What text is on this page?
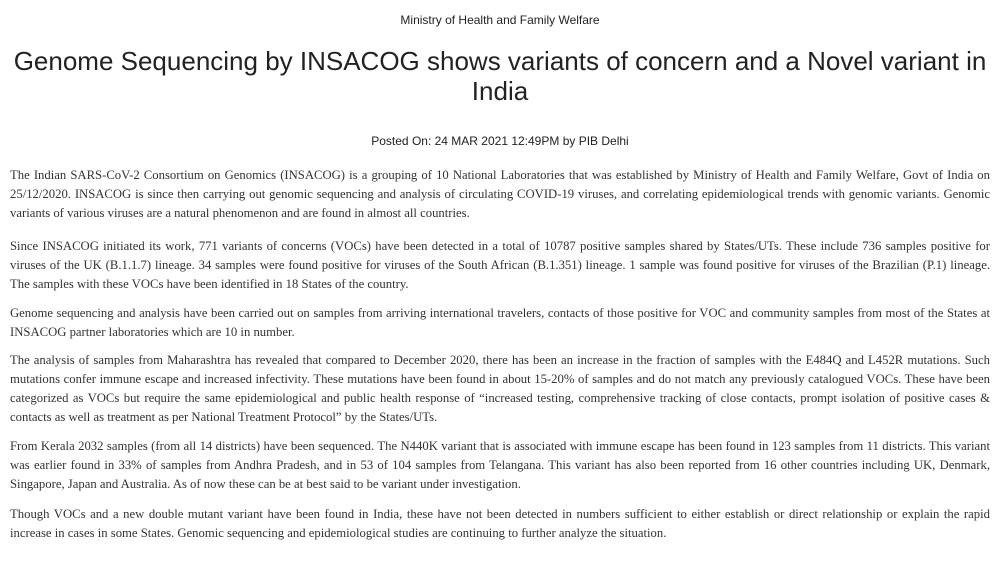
Ministry of Health and Family Welfare
Genome Sequencing by INSACOG shows variants of concern and a Novel variant in India
Posted On: 24 MAR 2021 12:49PM by PIB Delhi

The Indian SARS-CoV-2 Consortium on Genomics (INSACOG) is a grouping of 10 National Laboratories that was established by Ministry of Health and Family Welfare, Govt of India on 25/12/2020. INSACOG is since then carrying out genomic sequencing and analysis of circulating COVID-19 viruses, and correlating epidemiological trends with genomic variants. Genomic variants of various viruses are a natural phenomenon and are found in almost all countries.

Since INSACOG initiated its work, 771 variants of concerns (VOCs) have been detected in a total of 10787 positive samples shared by States/UTs. These include 736 samples positive for viruses of the UK (B.1.1.7) lineage. 34 samples were found positive for viruses of the South African (B.1.351) lineage. 1 sample was found positive for viruses of the Brazilian (P.1) lineage. The samples with these VOCs have been identified in 18 States of the country.

Genome sequencing and analysis have been carried out on samples from arriving international travelers, contacts of those positive for VOC and community samples from most of the States at INSACOG partner laboratories which are 10 in number.

The analysis of samples from Maharashtra has revealed that compared to December 2020, there has been an increase in the fraction of samples with the E484Q and L452R mutations. Such mutations confer immune escape and increased infectivity. These mutations have been found in about 15-20% of samples and do not match any previously catalogued VOCs. These have been categorized as VOCs but require the same epidemiological and public health response of “increased testing, comprehensive tracking of close contacts, prompt isolation of positive cases & contacts as well as treatment as per National Treatment Protocol” by the States/UTs.

From Kerala 2032 samples (from all 14 districts) have been sequenced. The N440K variant that is associated with immune escape has been found in 123 samples from 11 districts. This variant was earlier found in 33% of samples from Andhra Pradesh, and in 53 of 104 samples from Telangana. This variant has also been reported from 16 other countries including UK, Denmark, Singapore, Japan and Australia. As of now these can be at best said to be variant under investigation.

Though VOCs and a new double mutant variant have been found in India, these have not been detected in numbers sufficient to either establish or direct relationship or explain the rapid increase in cases in some States. Genomic sequencing and epidemiological studies are continuing to further analyze the situation.
